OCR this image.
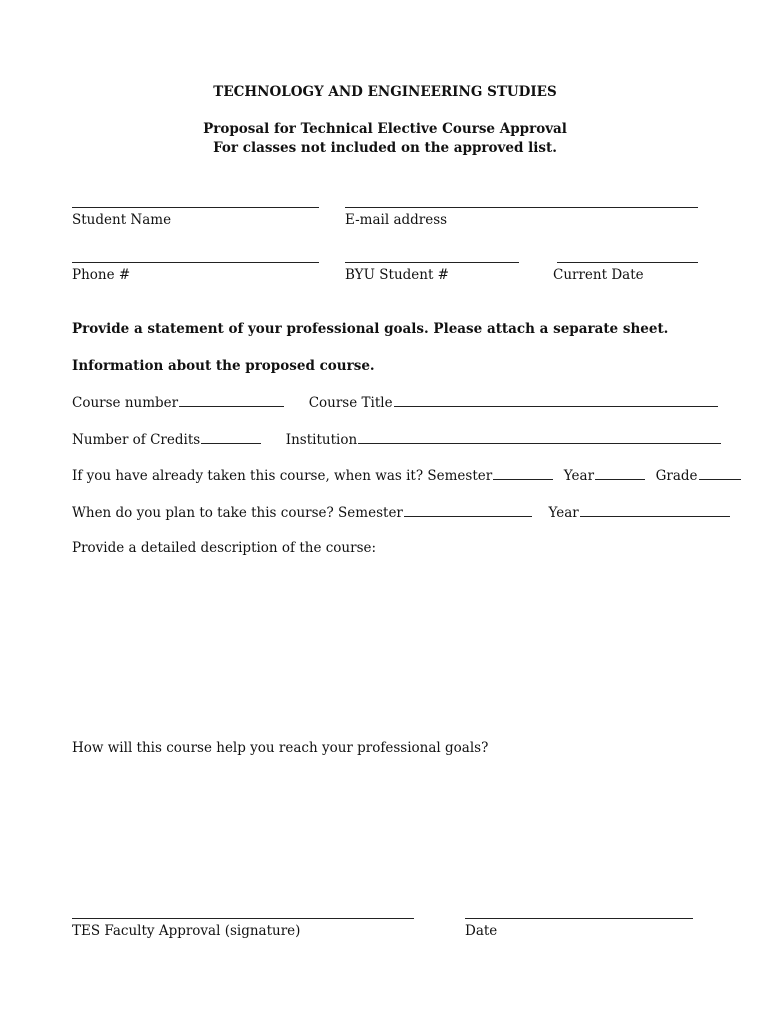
TECHNOLOGY AND ENGINEERING STUDIES
Proposal for Technical Elective Course Approval
For classes not included on the approved list.
Student Name	E-mail address
Phone #	BYU Student #	Current Date
Provide a statement of your professional goals. Please attach a separate sheet.
Information about the proposed course.
Course number	Course Title
Number of Credits	Institution
If you have already taken this course, when was it? Semester	Year	Grade
When do you plan to take this course? Semester	Year
Provide a detailed description of the course:
How will this course help you reach your professional goals?
TES Faculty Approval (signature)	Date
